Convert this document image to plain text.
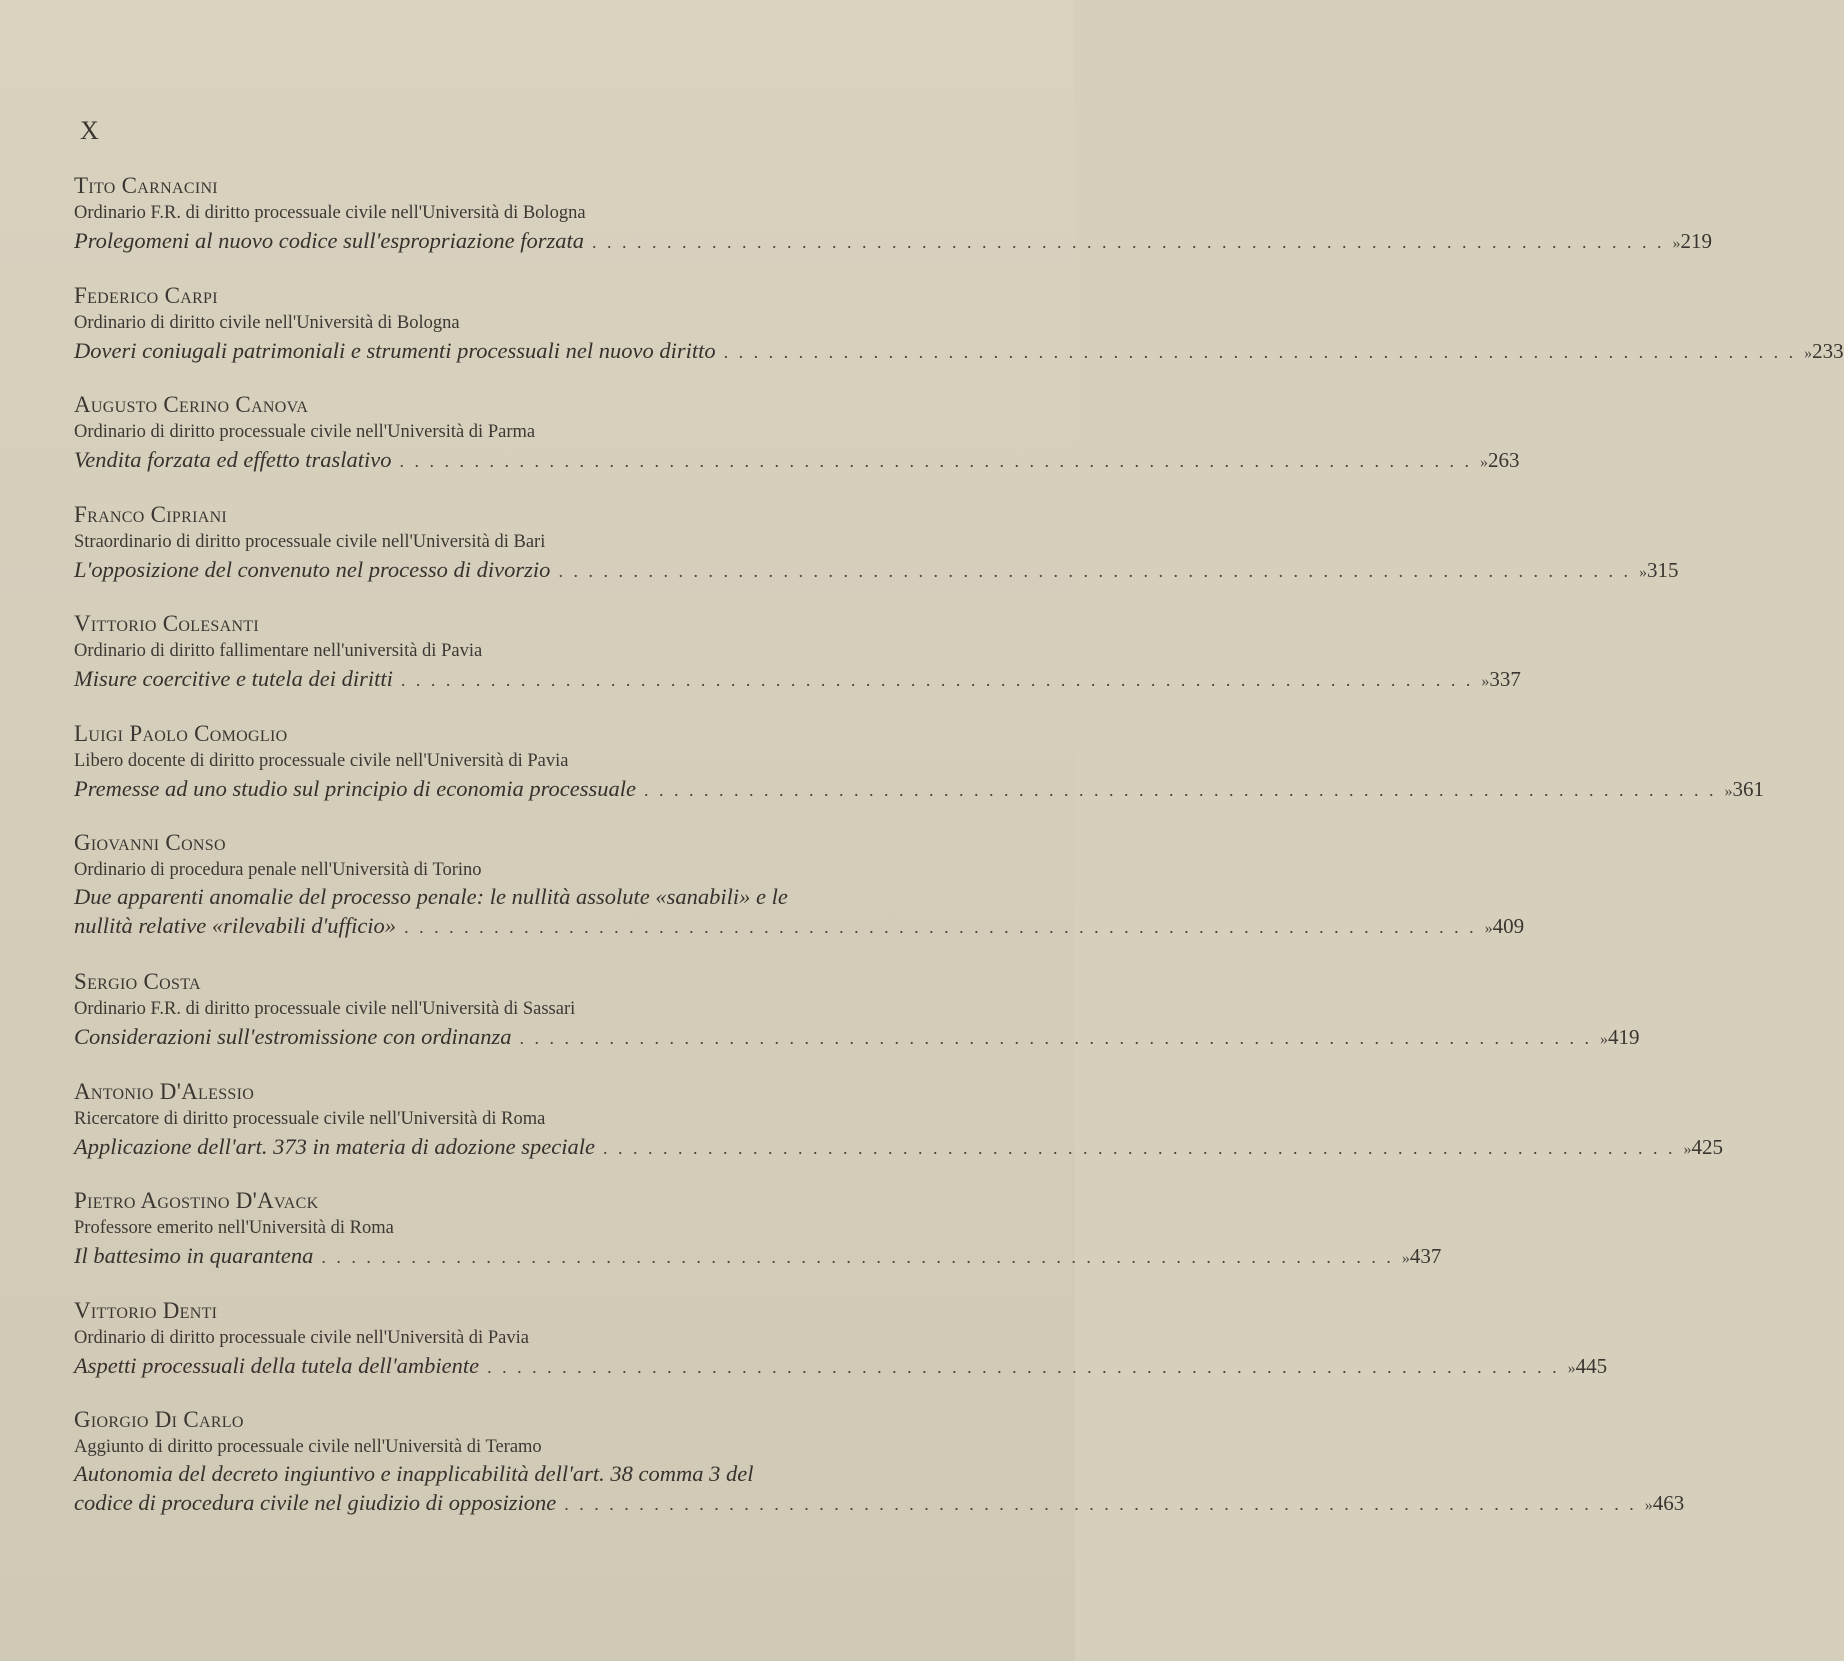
X
Tito Carnacini
Ordinario F.R. di diritto processuale civile nell'Università di Bologna
Prolegomeni al nuovo codice sull'espropriazione forzata . . . . . . . . . . . . . . . . . . . . . . . . . . . . . . . . . . . . . . . . . . . . . . . . . . . . . . . . . . . . . . . . . . . . . . . . » 219
Federico Carpi
Ordinario di diritto civile nell'Università di Bologna
Doveri coniugali patrimoniali e strumenti processuali nel nuovo diritto . . . . . . . . . . . . . . . . . . . . . . . . . . . . . . . . . . . . . . . . . . . . . . . . . . . . . . . . . . . . . . . . . . . . . . . . » 233
Augusto Cerino Canova
Ordinario di diritto processuale civile nell'Università di Parma
Vendita forzata ed effetto traslativo . . . . . . . . . . . . . . . . . . . . . . . . . . . . . . . . . . . . . . . . . . . . . . . . . . . . . . . . . . . . . . . . . . . . . . . . » 263
Franco Cipriani
Straordinario di diritto processuale civile nell'Università di Bari
L'opposizione del convenuto nel processo di divorzio . . . . . . . . . . . . . . . . . . . . . . . . . . . . . . . . . . . . . . . . . . . . . . . . . . . . . . . . . . . . . . . . . . . . . . . . » 315
Vittorio Colesanti
Ordinario di diritto fallimentare nell'università di Pavia
Misure coercitive e tutela dei diritti . . . . . . . . . . . . . . . . . . . . . . . . . . . . . . . . . . . . . . . . . . . . . . . . . . . . . . . . . . . . . . . . . . . . . . . . » 337
Luigi Paolo Comoglio
Libero docente di diritto processuale civile nell'Università di Pavia
Premesse ad uno studio sul principio di economia processuale . . . . . . . . . . . . . . . . . . . . . . . . . . . . . . . . . . . . . . . . . . . . . . . . . . . . . . . . . . . . . . . . . . . . . . . . » 361
Giovanni Conso
Ordinario di procedura penale nell'Università di Torino
Due apparenti anomalie del processo penale: le nullità assolute «sanabili» e le
nullità relative «rilevabili d'ufficio» . . . . . . . . . . . . . . . . . . . . . . . . . . . . . . . . . . . . . . . . . . . . . . . . . . . . . . . . . . . . . . . . . . . . . . . . » 409
Sergio Costa
Ordinario F.R. di diritto processuale civile nell'Università di Sassari
Considerazioni sull'estromissione con ordinanza . . . . . . . . . . . . . . . . . . . . . . . . . . . . . . . . . . . . . . . . . . . . . . . . . . . . . . . . . . . . . . . . . . . . . . . . » 419
Antonio D'Alessio
Ricercatore di diritto processuale civile nell'Università di Roma
Applicazione dell'art. 373 in materia di adozione speciale . . . . . . . . . . . . . . . . . . . . . . . . . . . . . . . . . . . . . . . . . . . . . . . . . . . . . . . . . . . . . . . . . . . . . . . . » 425
Pietro Agostino D'Avack
Professore emerito nell'Università di Roma
Il battesimo in quarantena . . . . . . . . . . . . . . . . . . . . . . . . . . . . . . . . . . . . . . . . . . . . . . . . . . . . . . . . . . . . . . . . . . . . . . . . » 437
Vittorio Denti
Ordinario di diritto processuale civile nell'Università di Pavia
Aspetti processuali della tutela dell'ambiente . . . . . . . . . . . . . . . . . . . . . . . . . . . . . . . . . . . . . . . . . . . . . . . . . . . . . . . . . . . . . . . . . . . . . . . . » 445
Giorgio Di Carlo
Aggiunto di diritto processuale civile nell'Università di Teramo
Autonomia del decreto ingiuntivo e inapplicabilità dell'art. 38 comma 3 del
codice di procedura civile nel giudizio di opposizione . . . . . . . . . . . . . . . . . . . . . . . . . . . . . . . . . . . . . . . . . . . . . . . . . . . . . . . . . . . . . . . . . . . . . . . . » 463
